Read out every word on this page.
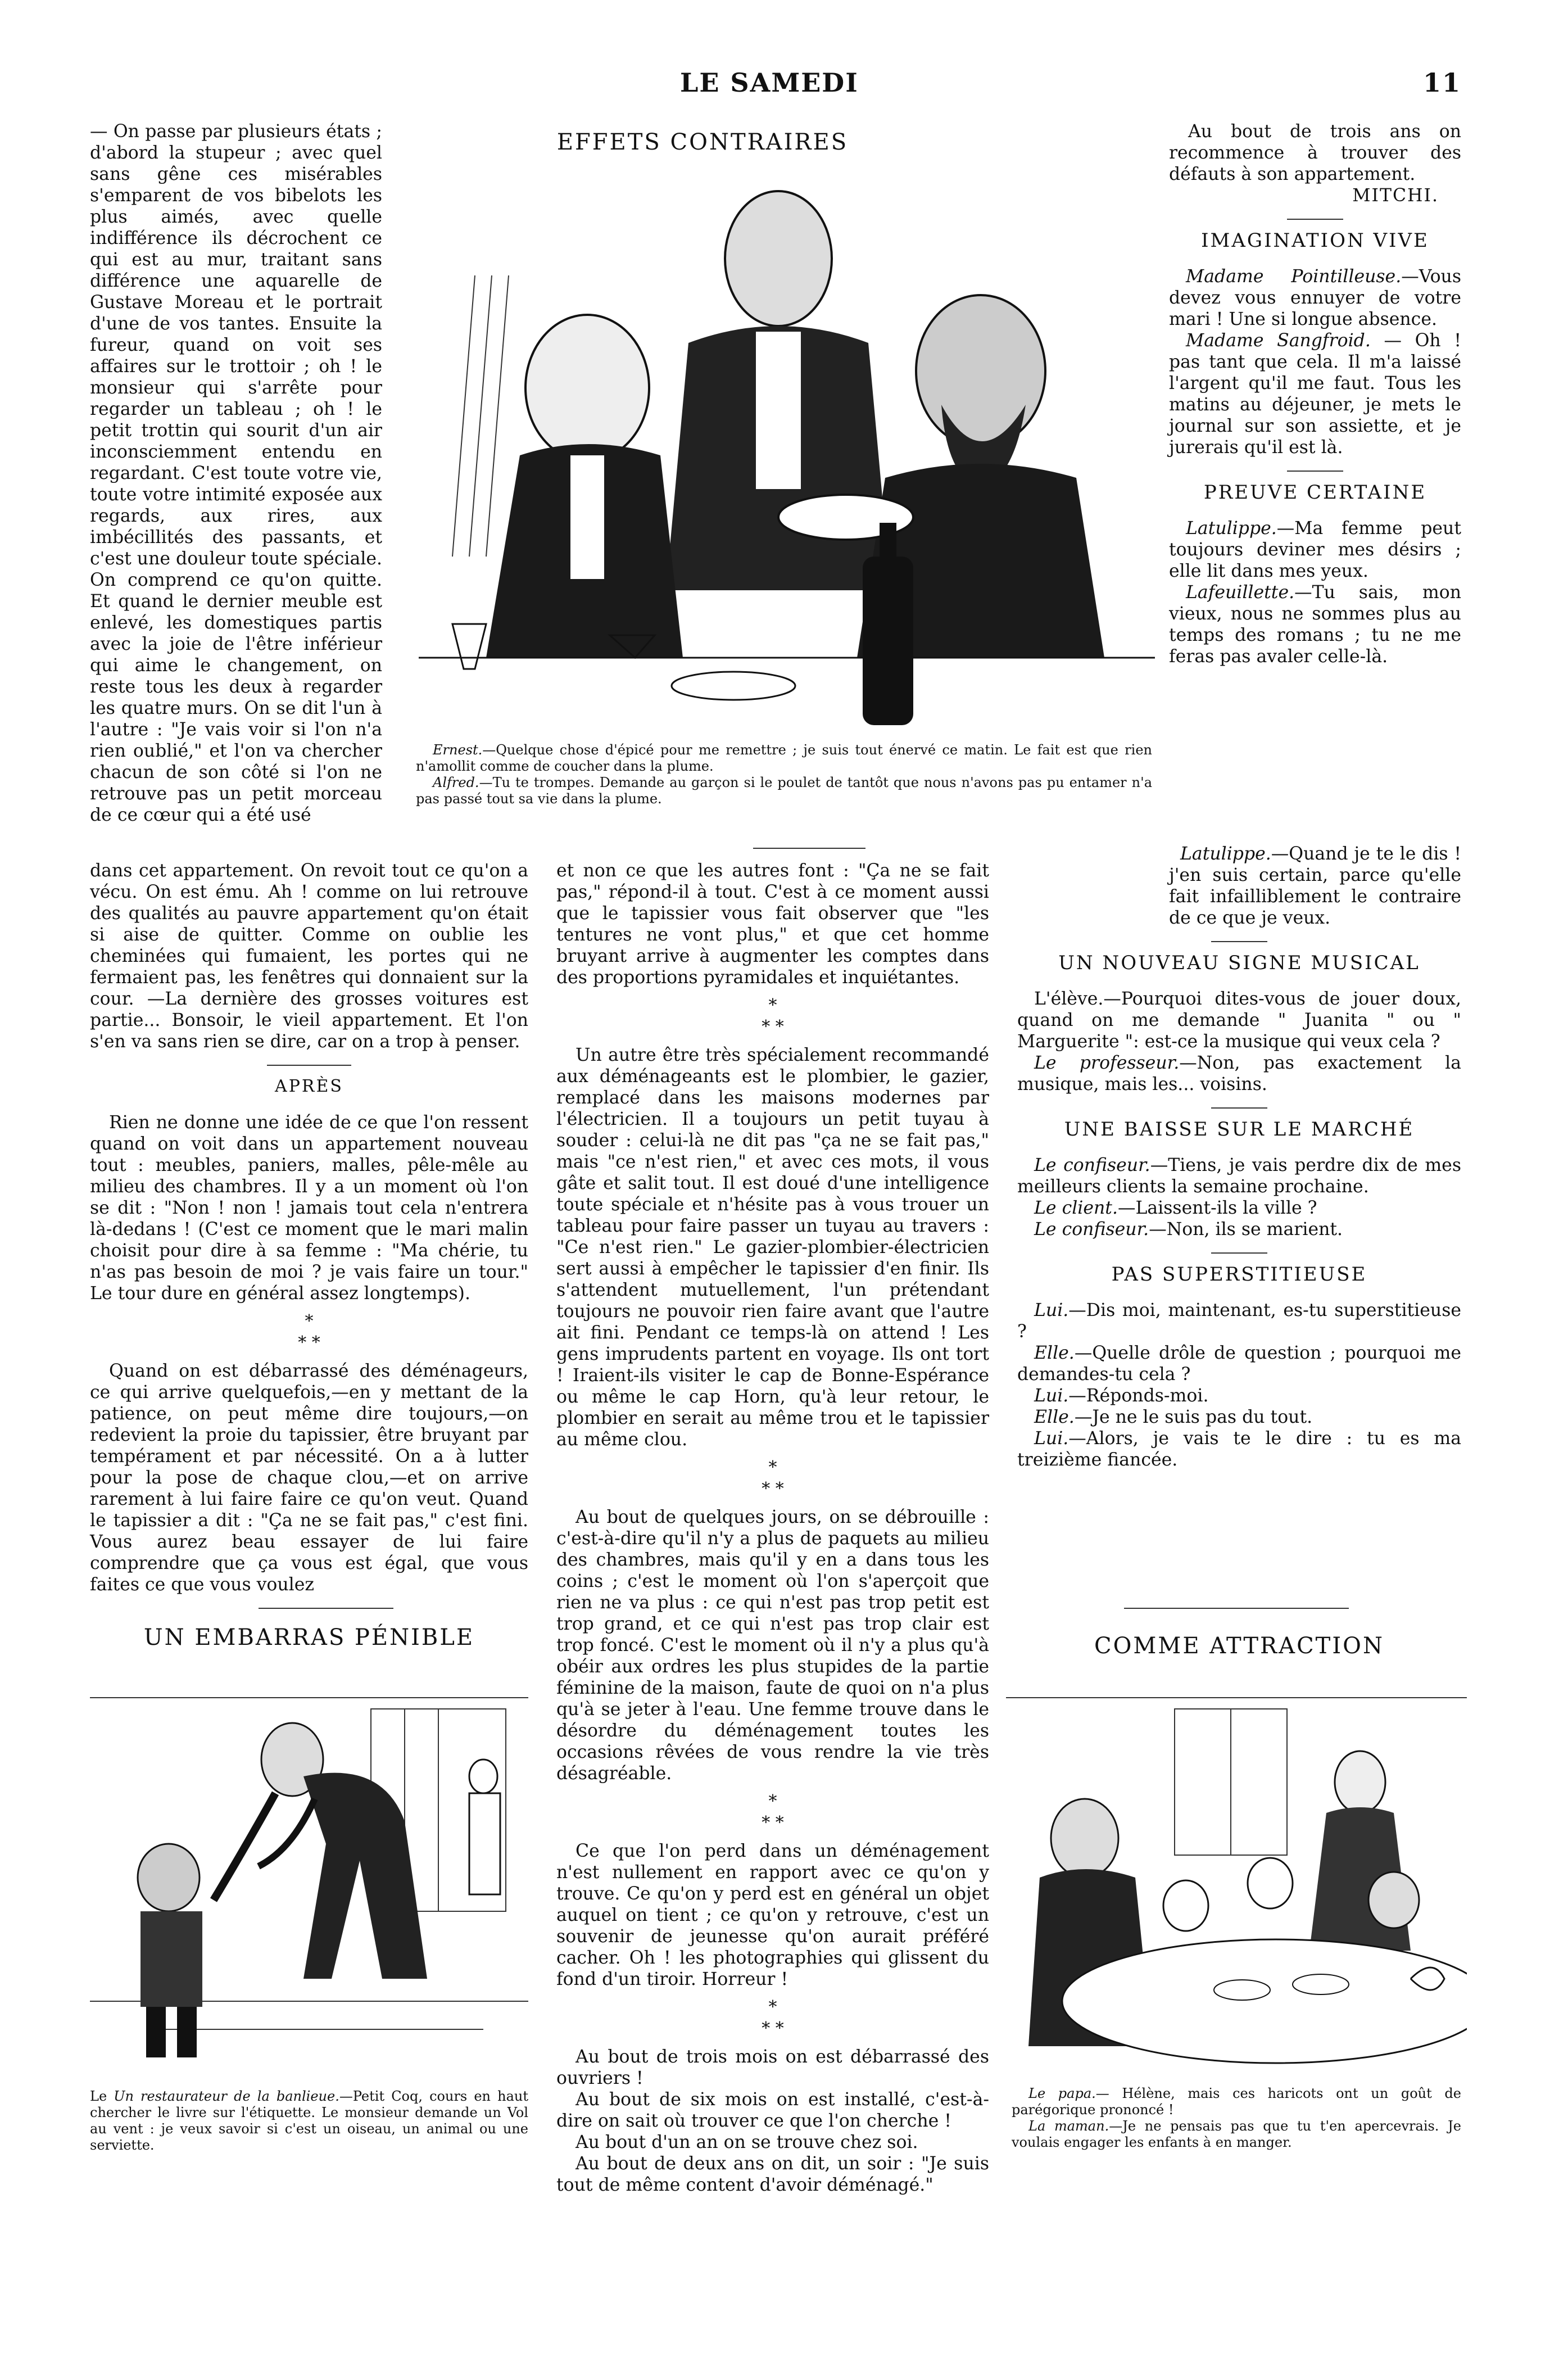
LE SAMEDI	11

— On passe par plusieurs états ; d'abord la stupeur ; avec quel sans gêne ces misérables s'emparent de vos bibelots les plus aimés, avec quelle indifférence ils décrochent ce qui est au mur, traitant sans différence une aquarelle de Gustave Moreau et le portrait d'une de vos tantes. Ensuite la fureur, quand on voit ses affaires sur le trottoir ; oh ! le monsieur qui s'arrête pour regarder un tableau ; oh ! le petit trottin qui sourit d'un air inconsciemment entendu en regardant. C'est toute votre vie, toute votre intimité exposée aux regards, aux rires, aux imbécillités des passants, et c'est une douleur toute spéciale. On comprend ce qu'on quitte. Et quand le dernier meuble est enlevé, les domestiques partis avec la joie de l'être inférieur qui aime le changement, on reste tous les deux à regarder les quatre murs. On se dit l'un à l'autre : "Je vais voir si l'on n'a rien oublié," et l'on va chercher chacun de son côté si l'on ne retrouve pas un petit morceau de ce cœur qui a été usé

dans cet appartement. On revoit tout ce qu'on a vécu. On est ému. Ah ! comme on lui retrouve des qualités au pauvre appartement qu'on était si aise de quitter. Comme on oublie les cheminées qui fumaient, les portes qui ne fermaient pas, les fenêtres qui donnaient sur la cour. —La dernière des grosses voitures est partie... Bonsoir, le vieil appartement. Et l'on s'en va sans rien se dire, car on a trop à penser.

APRÈS

Rien ne donne une idée de ce que l'on ressent quand on voit dans un appartement nouveau tout : meubles, paniers, malles, pêle-mêle au milieu des chambres. Il y a un moment où l'on se dit : "Non ! non ! jamais tout cela n'entrera là-dedans ! (C'est ce moment que le mari malin choisit pour dire à sa femme : "Ma chérie, tu n'as pas besoin de moi ? je vais faire un tour." Le tour dure en général assez longtemps).

*
* *

Quand on est débarrassé des déménageurs, ce qui arrive quelquefois,—en y mettant de la patience, on peut même dire toujours,—on redevient la proie du tapissier, être bruyant par tempérament et par nécessité. On a à lutter pour la pose de chaque clou,—et on arrive rarement à lui faire faire ce qu'on veut. Quand le tapissier a dit : "Ça ne se fait pas," c'est fini. Vous aurez beau essayer de lui faire comprendre que ça vous est égal, que vous faites ce que vous voulez

EFFETS CONTRAIRES
Ernest.—Quelque chose d'épicé pour me remettre ; je suis tout énervé ce matin. Le fait est que rien n'amollit comme de coucher dans la plume.
Alfred.—Tu te trompes. Demande au garçon si le poulet de tantôt que nous n'avons pas pu entamer n'a pas passé tout sa vie dans la plume.
UN EMBARRAS PÉNIBLE
Le Un restaurateur de la banlieue.—Petit Coq, cours en haut chercher le livre sur l'étiquette. Le monsieur demande un Vol au vent : je veux savoir si c'est un oiseau, un animal ou une serviette.

et non ce que les autres font : "Ça ne se fait pas," répond-il à tout. C'est à ce moment aussi que le tapissier vous fait observer que "les tentures ne vont plus," et que cet homme bruyant arrive à augmenter les comptes dans des proportions pyramidales et inquiétantes.

*
* *

Un autre être très spécialement recommandé aux déménageants est le plombier, le gazier, remplacé dans les maisons modernes par l'électricien. Il a toujours un petit tuyau à souder : celui-là ne dit pas "ça ne se fait pas," mais "ce n'est rien," et avec ces mots, il vous gâte et salit tout. Il est doué d'une intelligence toute spéciale et n'hésite pas à vous trouer un tableau pour faire passer un tuyau au travers : "Ce n'est rien." Le gazier-plombier-électricien sert aussi à empêcher le tapissier d'en finir. Ils s'attendent mutuellement, l'un prétendant toujours ne pouvoir rien faire avant que l'autre ait fini. Pendant ce temps-là on attend ! Les gens imprudents partent en voyage. Ils ont tort ! Iraient-ils visiter le cap de Bonne-Espérance ou même le cap Horn, qu'à leur retour, le plombier en serait au même trou et le tapissier au même clou.

*
* *

Au bout de quelques jours, on se débrouille : c'est-à-dire qu'il n'y a plus de paquets au milieu des chambres, mais qu'il y en a dans tous les coins ; c'est le moment où l'on s'aperçoit que rien ne va plus : ce qui n'est pas trop petit est trop grand, et ce qui n'est pas trop clair est trop foncé. C'est le moment où il n'y a plus qu'à obéir aux ordres les plus stupides de la partie féminine de la maison, faute de quoi on n'a plus qu'à se jeter à l'eau. Une femme trouve dans le désordre du déménagement toutes les occasions rêvées de vous rendre la vie très désagréable.

*
* *

Ce que l'on perd dans un déménagement n'est nullement en rapport avec ce qu'on y trouve. Ce qu'on y perd est en général un objet auquel on tient ; ce qu'on y retrouve, c'est un souvenir de jeunesse qu'on aurait préféré cacher. Oh ! les photographies qui glissent du fond d'un tiroir. Horreur !

*
* *

Au bout de trois mois on est débarrassé des ouvriers !

Au bout de six mois on est installé, c'est-à-dire on sait où trouver ce que l'on cherche !

Au bout d'un an on se trouve chez soi.

Au bout de deux ans on dit, un soir : "Je suis tout de même content d'avoir déménagé."

Au bout de trois ans on recommence à trouver des défauts à son appartement.

MITCHI.
IMAGINATION VIVE

Madame Pointilleuse.—Vous devez vous ennuyer de votre mari ! Une si longue absence.

Madame Sangfroid. — Oh ! pas tant que cela. Il m'a laissé l'argent qu'il me faut. Tous les matins au déjeuner, je mets le journal sur son assiette, et je jurerais qu'il est là.

PREUVE CERTAINE

Latulippe.—Ma femme peut toujours deviner mes désirs ; elle lit dans mes yeux.

Lafeuillette.—Tu sais, mon vieux, nous ne sommes plus au temps des romans ; tu ne me feras pas avaler celle-là.

Latulippe.—Quand je te le dis ! j'en suis certain, parce qu'elle fait infailliblement le contraire de ce que je veux.

UN NOUVEAU SIGNE MUSICAL

L'élève.—Pourquoi dites-vous de jouer doux, quand on me demande " Juanita " ou " Marguerite ": est-ce la musique qui veux cela ?

Le professeur.—Non, pas exactement la musique, mais les... voisins.

UNE BAISSE SUR LE MARCHÉ

Le confiseur.—Tiens, je vais perdre dix de mes meilleurs clients la semaine prochaine.

Le client.—Laissent-ils la ville ?

Le confiseur.—Non, ils se marient.

PAS SUPERSTITIEUSE

Lui.—Dis moi, maintenant, es-tu superstitieuse ?

Elle.—Quelle drôle de question ; pourquoi me demandes-tu cela ?

Lui.—Réponds-moi.

Elle.—Je ne le suis pas du tout.

Lui.—Alors, je vais te le dire : tu es ma treizième fiancée.

COMME ATTRACTION
Le papa.— Hélène, mais ces haricots ont un goût de parégorique prononcé !
La maman.—Je ne pensais pas que tu t'en apercevrais. Je voulais engager les enfants à en manger.
